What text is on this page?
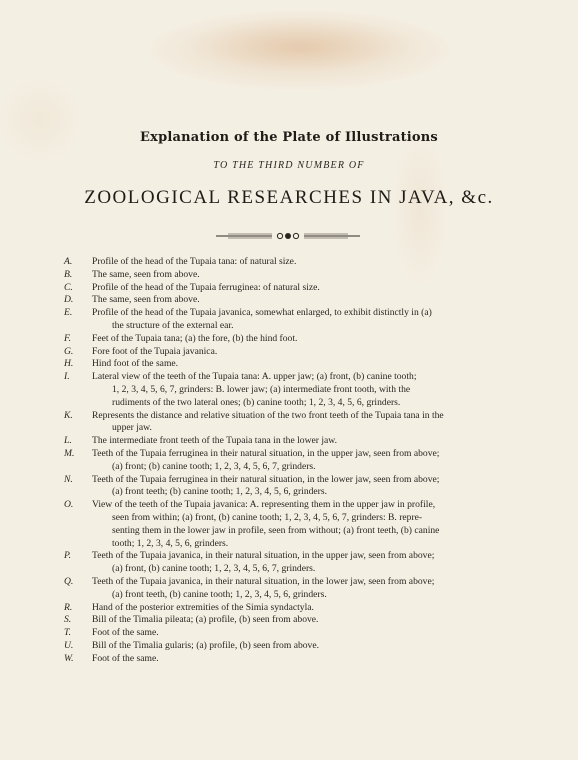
Explanation of the Plate of Illustrations
TO THE THIRD NUMBER OF
ZOOLOGICAL RESEARCHES IN JAVA, &c.
A.	Profile of the head of the Tupaia tana: of natural size.
B.	The same, seen from above.
C.	Profile of the head of the Tupaia ferruginea: of natural size.
D.	The same, seen from above.
E.	Profile of the head of the Tupaia javanica, somewhat enlarged, to exhibit distinctly in (a)
the structure of the external ear.
F.	Feet of the Tupaia tana; (a) the fore, (b) the hind foot.
G.	Fore foot of the Tupaia javanica.
H.	Hind foot of the same.
I.	Lateral view of the teeth of the Tupaia tana: A. upper jaw; (a) front, (b) canine tooth;
1, 2, 3, 4, 5, 6, 7, grinders: B. lower jaw; (a) intermediate front tooth, with the
rudiments of the two lateral ones; (b) canine tooth; 1, 2, 3, 4, 5, 6, grinders.
K.	Represents the distance and relative situation of the two front teeth of the Tupaia tana in the
upper jaw.
L.	The intermediate front teeth of the Tupaia tana in the lower jaw.
M.	Teeth of the Tupaia ferruginea in their natural situation, in the upper jaw, seen from above;
(a) front; (b) canine tooth; 1, 2, 3, 4, 5, 6, 7, grinders.
N.	Teeth of the Tupaia ferruginea in their natural situation, in the lower jaw, seen from above;
(a) front teeth; (b) canine tooth; 1, 2, 3, 4, 5, 6, grinders.
O.	View of the teeth of the Tupaia javanica: A. representing them in the upper jaw in profile,
seen from within; (a) front, (b) canine tooth; 1, 2, 3, 4, 5, 6, 7, grinders: B. repre-
senting them in the lower jaw in profile, seen from without; (a) front teeth, (b) canine
tooth; 1, 2, 3, 4, 5, 6, grinders.
P.	Teeth of the Tupaia javanica, in their natural situation, in the upper jaw, seen from above;
(a) front, (b) canine tooth; 1, 2, 3, 4, 5, 6, 7, grinders.
Q.	Teeth of the Tupaia javanica, in their natural situation, in the lower jaw, seen from above;
(a) front teeth, (b) canine tooth; 1, 2, 3, 4, 5, 6, grinders.
R.	Hand of the posterior extremities of the Simia syndactyla.
S.	Bill of the Timalia pileata; (a) profile, (b) seen from above.
T.	Foot of the same.
U.	Bill of the Timalia gularis; (a) profile, (b) seen from above.
W.	Foot of the same.
